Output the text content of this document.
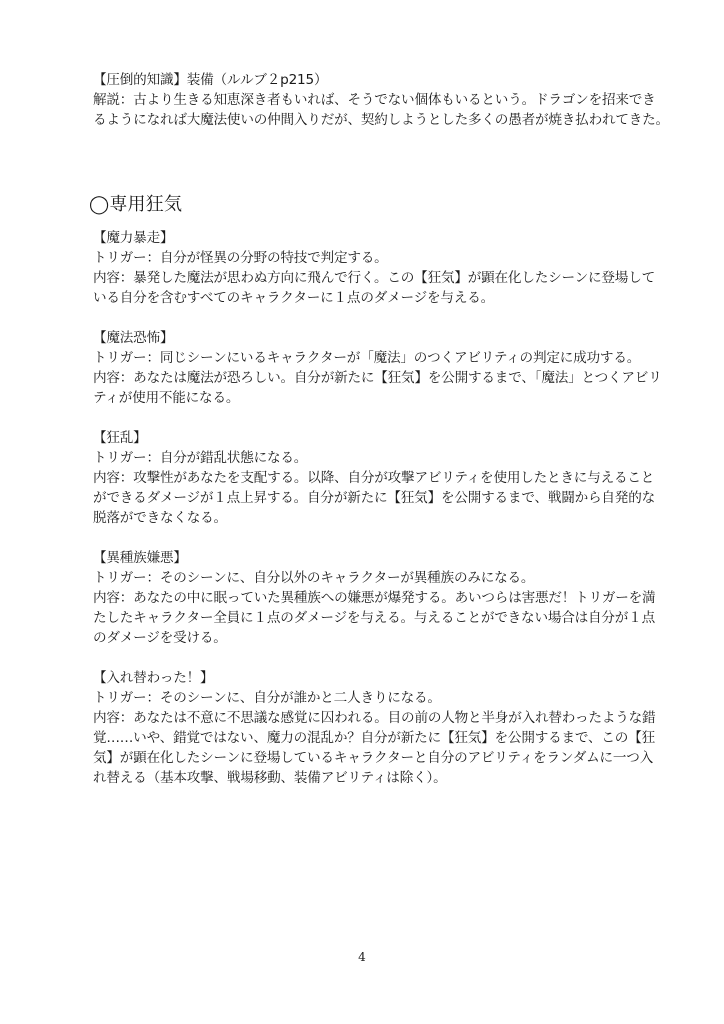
【圧倒的知識】装備（ルルブ２p215）
解説：古より生きる知恵深き者もいれば、そうでない個体もいるという。ドラゴンを招来でき
るようになれば大魔法使いの仲間入りだが、契約しようとした多くの愚者が焼き払われてきた。
◯専用狂気
【魔力暴走】
トリガー：自分が怪異の分野の特技で判定する。
内容：暴発した魔法が思わぬ方向に飛んで行く。この【狂気】が顕在化したシーンに登場して
いる自分を含むすべてのキャラクターに１点のダメージを与える。
【魔法恐怖】
トリガー：同じシーンにいるキャラクターが「魔法」のつくアビリティの判定に成功する。
内容：あなたは魔法が恐ろしい。自分が新たに【狂気】を公開するまで、「魔法」とつくアビリ
ティが使用不能になる。
【狂乱】
トリガー：自分が錯乱状態になる。
内容：攻撃性があなたを支配する。以降、自分が攻撃アビリティを使用したときに与えること
ができるダメージが１点上昇する。自分が新たに【狂気】を公開するまで、戦闘から自発的な
脱落ができなくなる。
【異種族嫌悪】
トリガー：そのシーンに、自分以外のキャラクターが異種族のみになる。
内容：あなたの中に眠っていた異種族への嫌悪が爆発する。あいつらは害悪だ！トリガーを満
たしたキャラクター全員に１点のダメージを与える。与えることができない場合は自分が１点
のダメージを受ける。
【入れ替わった！】
トリガー：そのシーンに、自分が誰かと二人きりになる。
内容：あなたは不意に不思議な感覚に囚われる。目の前の人物と半身が入れ替わったような錯
覚……いや、錯覚ではない、魔力の混乱か？自分が新たに【狂気】を公開するまで、この【狂
気】が顕在化したシーンに登場しているキャラクターと自分のアビリティをランダムに一つ入
れ替える（基本攻撃、戦場移動、装備アビリティは除く）。
4
